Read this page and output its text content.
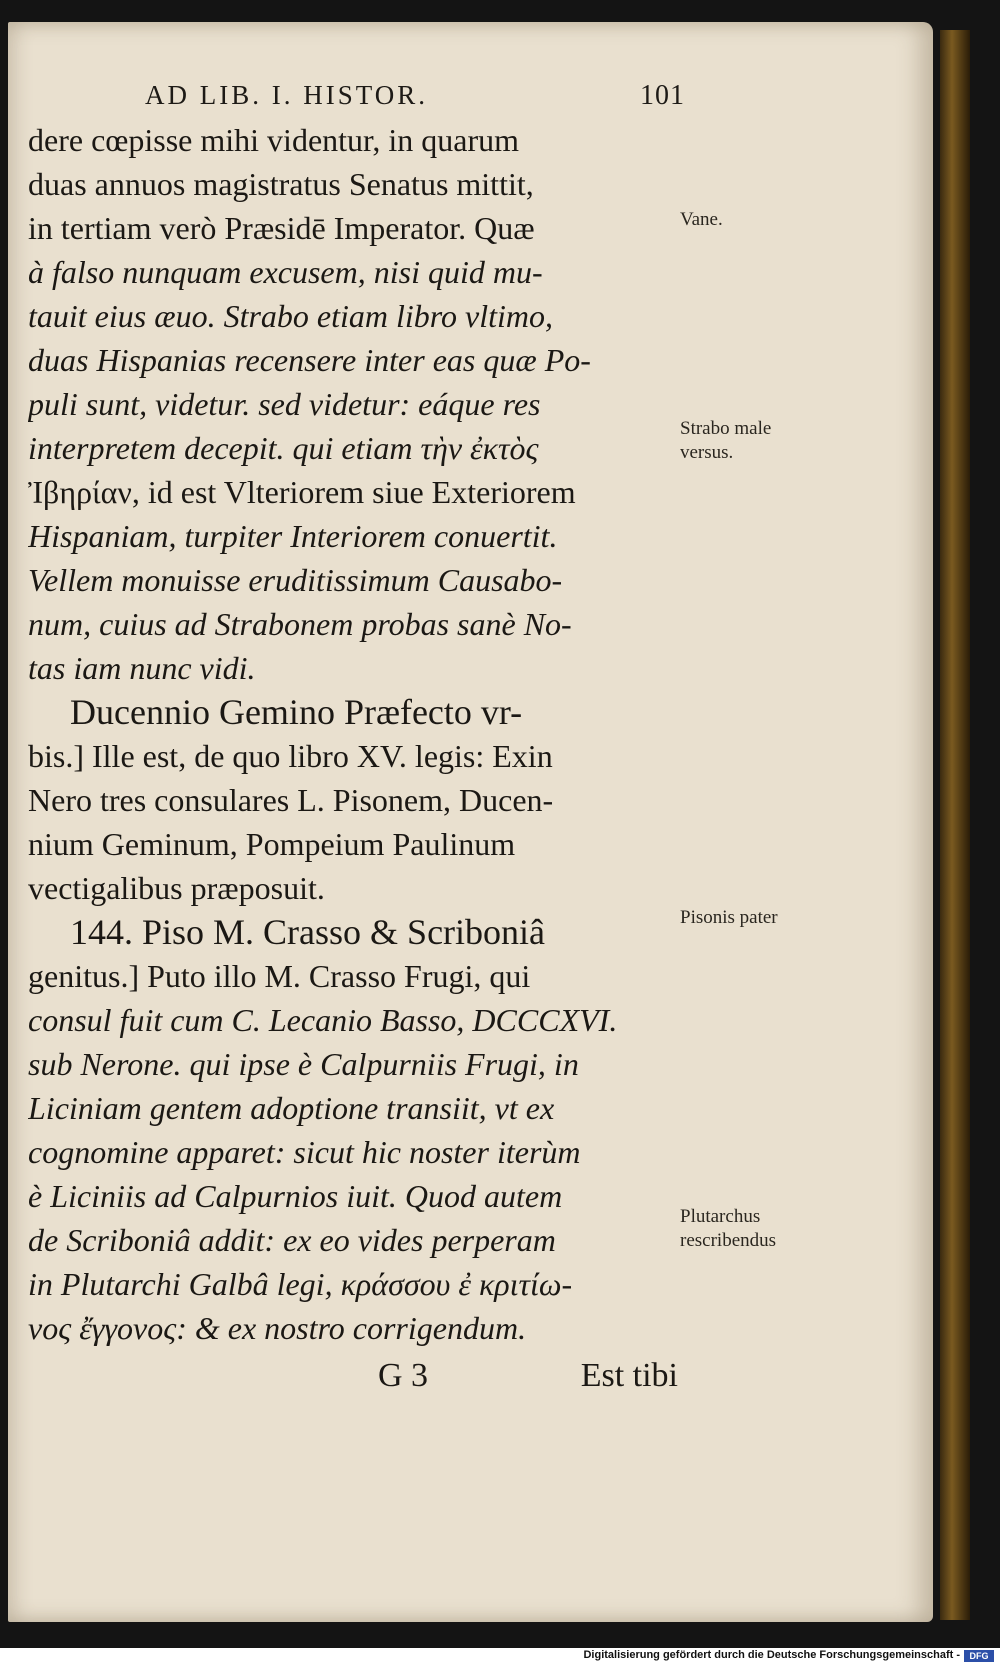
AD LIB. I. HISTOR.	101
dere cœpisse mihi videntur, in quarum
duas annuos magistratus Senatus mittit,
in tertiam verò Præsidē Imperator. Quæ
à falso nunquam excusem, nisi quid mu-
tauit eius æuo. Strabo etiam libro vltimo,
duas Hispanias recensere inter eas quæ Po-
puli sunt, videtur. sed videtur: eáque res
interpretem decepit. qui etiam τὴν ἐκτὸς
Ἰβηρίαν, id est Vlteriorem siue Exteriorem
Hispaniam, turpiter Interiorem conuertit.
Vellem monuisse eruditissimum Causabo-
num, cuius ad Strabonem probas sanè No-
tas iam nunc vidi.
Ducennio Gemino Præfecto vr-
bis.] Ille est, de quo libro XV. legis: Exin
Nero tres consulares L. Pisonem, Ducen-
nium Geminum, Pompeium Paulinum
vectigalibus præposuit.
144. Piso M. Crasso & Scriboniâ
genitus.] Puto illo M. Crasso Frugi, qui
consul fuit cum C. Lecanio Basso, DCCCXVI.
sub Nerone. qui ipse è Calpurniis Frugi, in
Liciniam gentem adoptione transiit, vt ex
cognomine apparet: sicut hic noster iterùm
è Liciniis ad Calpurnios iuit. Quod autem
de Scriboniâ addit: ex eo vides perperam
in Plutarchi Galbâ legi, κράσσου ἐ κριτίω-
νος ἔγγονος: & ex nostro corrigendum.
Vane.
Strabo male versus.
Pisonis pater
Plutarchus rescribendus
G 3	Est tibi
Digitalisierung gefördert durch die Deutsche Forschungsgemeinschaft -	DFG
